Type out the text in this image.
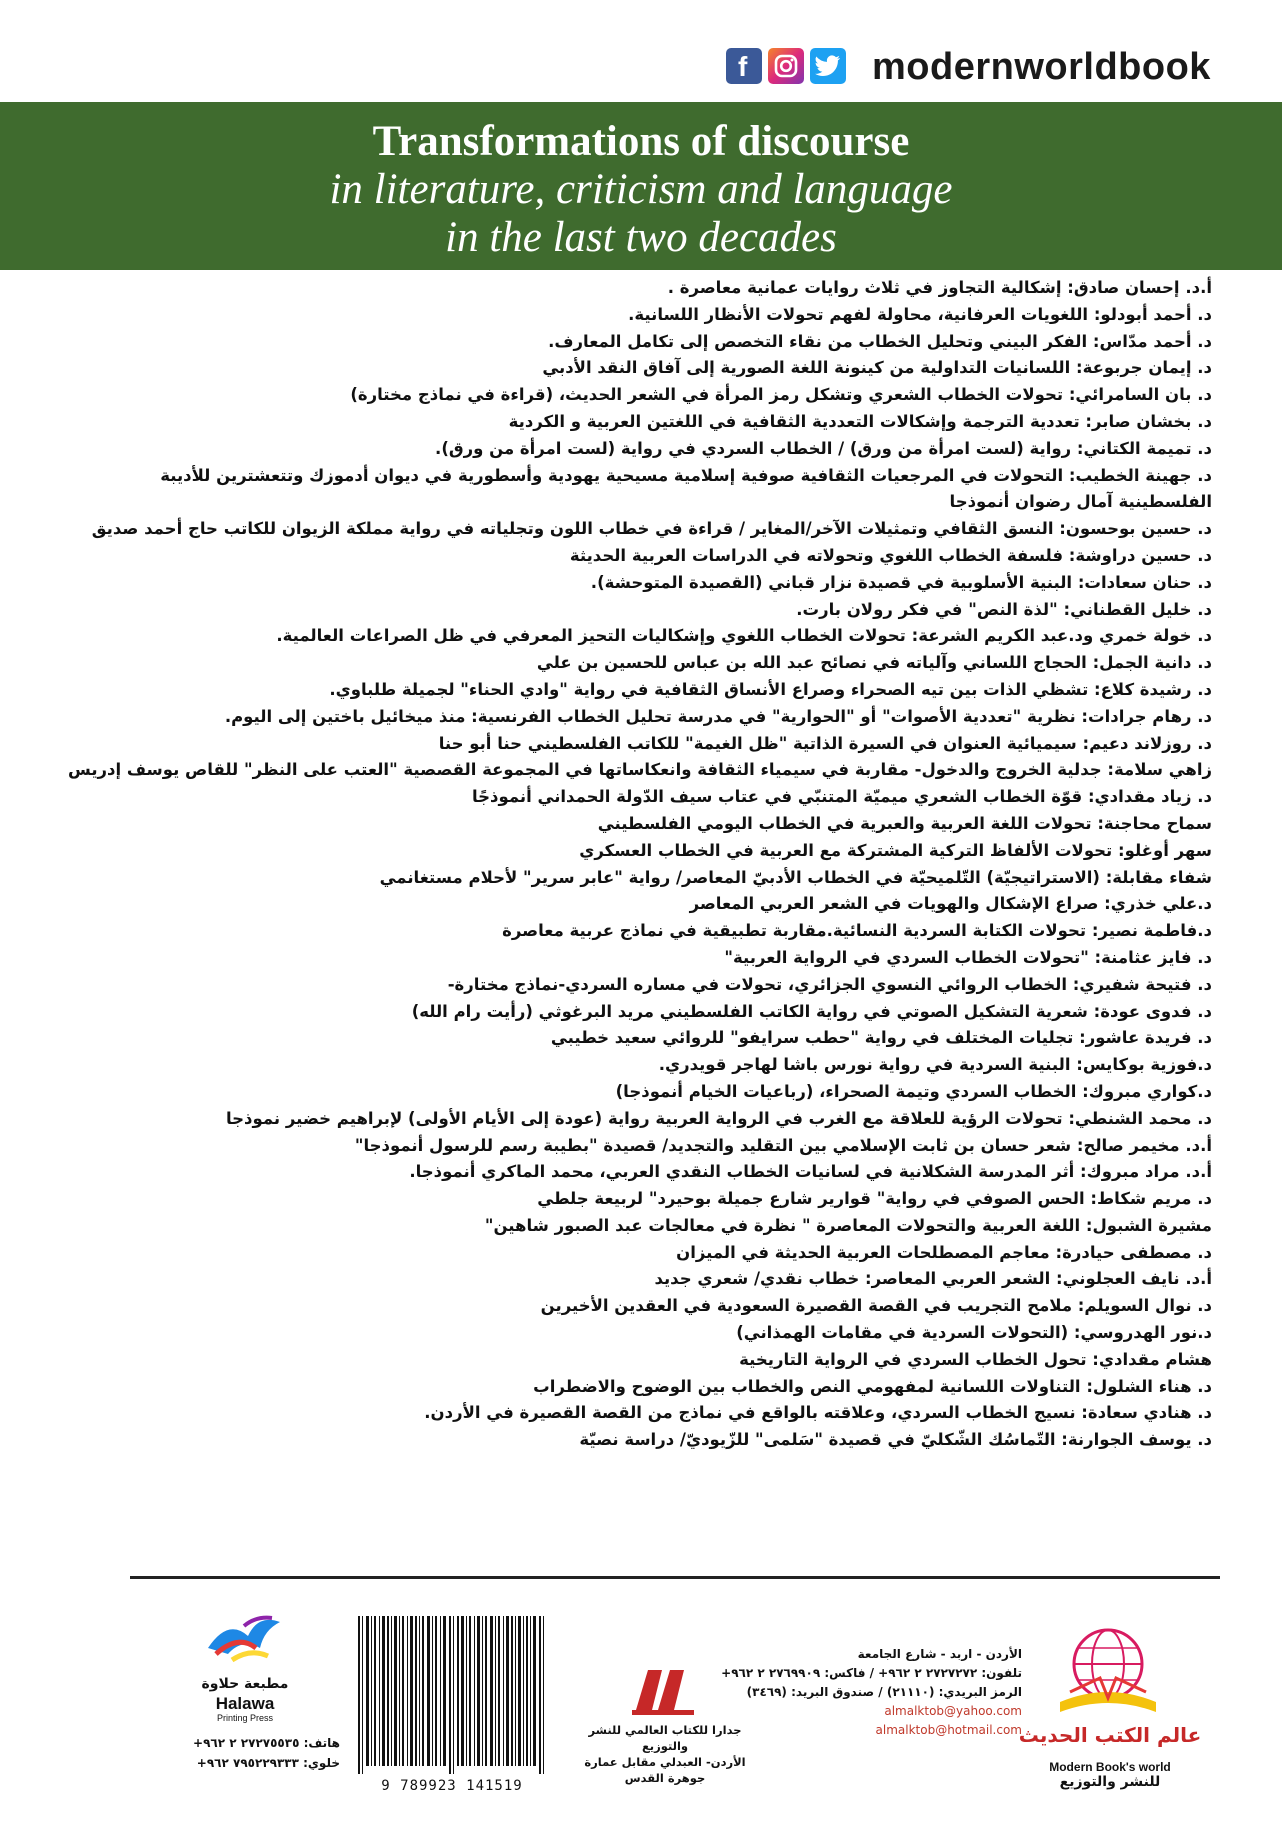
f	modernworldbook
Transformations of discourse
in literature, criticism and language
in the last two decades
أ.د. إحسان صادق: إشكالية التجاوز في ثلاث روايات عمانية معاصرة .
د. أحمد أبودلو: اللغويات العرفانية، محاولة لفهم تحولات الأنظار اللسانية.
د. أحمد مدّاس: الفكر البيني وتحليل الخطاب من نقاء التخصص إلى تكامل المعارف.
د. إيمان جربوعة: اللسانيات التداولية من كينونة اللغة الصورية إلى آفاق النقد الأدبي
د. بان السامرائي: تحولات الخطاب الشعري وتشكل رمز المرأة في الشعر الحديث، (قراءة في نماذج مختارة)
د. بخشان صابر: تعددية الترجمة وإشكالات التعددية الثقافية في اللغتين العربية و الكردية
د. تميمة الكتاني: رواية (لست امرأة من ورق) / الخطاب السردي في رواية (لست امرأة من ورق).
د. جهينة الخطيب: التحولات في المرجعيات الثقافية صوفية إسلامية مسيحية يهودية وأسطورية في ديوان أدموزك وتتعشترين للأديبة الفلسطينية آمال رضوان أنموذجا
د. حسين بوحسون: النسق الثقافي وتمثيلات الآخر/المغاير / قراءة في خطاب اللون وتجلياته في رواية مملكة الزيوان للكاتب حاج أحمد صديق
د. حسين دراوشة: فلسفة الخطاب اللغوي وتحولاته في الدراسات العربية الحديثة
د. حنان سعادات: البنية الأسلوبية في قصيدة نزار قباني (القصيدة المتوحشة).
د. خليل القطناني: "لذة النص" في فكر رولان بارت.
د. خولة خمري ود.عبد الكريم الشرعة: تحولات الخطاب اللغوي وإشكاليات التحيز المعرفي في ظل الصراعات العالمية.
د. دانية الجمل: الحجاج اللساني وآلياته في نصائح عبد الله بن عباس للحسين بن علي
د. رشيدة كلاع: تشظي الذات بين تيه الصحراء وصراع الأنساق الثقافية في رواية "وادي الحناء" لجميلة طلباوي.
د. رهام جرادات: نظرية "تعددية الأصوات" أو "الحوارية" في مدرسة تحليل الخطاب الفرنسية: منذ ميخائيل باختين إلى اليوم.
د. روزلاند دعيم: سيميائية العنوان في السيرة الذاتية "ظل الغيمة" للكاتب الفلسطيني حنا أبو حنا
زاهي سلامة: جدلية الخروج والدخول- مقاربة في سيمياء الثقافة وانعكاساتها في المجموعة القصصية "العتب على النظر" للقاص يوسف إدريس
د. زياد مقدادي: قوّة الخطاب الشعري ميميّة المتنبّي في عتاب سيف الدّولة الحمداني أنموذجًا
سماح محاجنة: تحولات اللغة العربية والعبرية في الخطاب اليومي الفلسطيني
سهر أوغلو: تحولات الألفاظ التركية المشتركة مع العربية في الخطاب العسكري
شفاء مقابلة: (الاستراتيجيّة) التّلميحيّة في الخطاب الأدبيّ المعاصر/ رواية "عابر سرير" لأحلام مستغانمي
د.علي خذري: صراع الإشكال والهويات في الشعر العربي المعاصر
د.فاطمة نصير: تحولات الكتابة السردية النسائية.مقاربة تطبيقية في نماذج عربية معاصرة
د. فايز عثامنة: "تحولات الخطاب السردي في الرواية العربية"
د. فتيحة شفيري: الخطاب الروائي النسوي الجزائري، تحولات في مساره السردي-نماذج مختارة-
د. فدوى عودة: شعرية التشكيل الصوتي في رواية الكاتب الفلسطيني مريد البرغوثي (رأيت رام الله)
د. فريدة عاشور: تجليات المختلف في رواية "حطب سرايفو" للروائي سعيد خطيبي
د.فوزية بوكايس: البنية السردية في رواية نورس باشا لهاجر قويدري.
د.كواري مبروك: الخطاب السردي وتيمة الصحراء، (رباعيات الخيام أنموذجا)
د. محمد الشنطي: تحولات الرؤية للعلاقة مع الغرب في الرواية العربية رواية (عودة إلى الأيام الأولى) لإبراهيم خضير نموذجا
أ.د. مخيمر صالح: شعر حسان بن ثابت الإسلامي بين التقليد والتجديد/ قصيدة "بطيبة رسم للرسول أنموذجا"
أ.د. مراد مبروك: أثر المدرسة الشكلانية في لسانيات الخطاب النقدي العربي، محمد الماكري أنموذجا.
د. مريم شكاط: الحس الصوفي في رواية" قوارير شارع جميلة بوحيرد" لربيعة جلطي
مشيرة الشبول: اللغة العربية والتحولات المعاصرة " نظرة في معالجات عبد الصبور شاهين"
د. مصطفى حيادرة: معاجم المصطلحات العربية الحديثة في الميزان
أ.د. نايف العجلوني: الشعر العربي المعاصر: خطاب نقدي/ شعري جديد
د. نوال السويلم: ملامح التجريب في القصة القصيرة السعودية في العقدين الأخيرين
د.نور الهدروسي: (التحولات السردية في مقامات الهمذاني)
هشام مقدادي: تحول الخطاب السردي في الرواية التاريخية
د. هناء الشلول: التناولات اللسانية لمفهومي النص والخطاب بين الوضوح والاضطراب
د. هنادي سعادة: نسيج الخطاب السردي، وعلاقته بالواقع في نماذج من القصة القصيرة في الأردن.
د. يوسف الجوارنة: التّماسُك الشّكليّ في قصيدة "سَلمى" للزّيوديّ/ دراسة نصيّة
عالم الكتب الحديث
Modern Book's world
للنشر والتوزيع
الأردن - اربد - شارع الجامعة
تلفون: ٢٧٢٧٢٧٢ ٢ ٩٦٢+ / فاكس: ٢٧٦٩٩٠٩ ٢ ٩٦٢+
الرمز البريدي: (٢١١١٠) / صندوق البريد: (٣٤٦٩)
almalktob@yahoo.com
almalktob@hotmail.com
جدارا للكتاب العالمي للنشر والتوزيع
الأردن- العبدلي مقابل عمارة جوهرة القدس
9 789923 141519
مطبعة حلاوة
Halawa
Printing Press
هاتف: ٢٧٢٧٥٥٣٥ ٢ ٩٦٢+
خلوي: ٧٩٥٢٢٩٣٣٣ ٩٦٢+
